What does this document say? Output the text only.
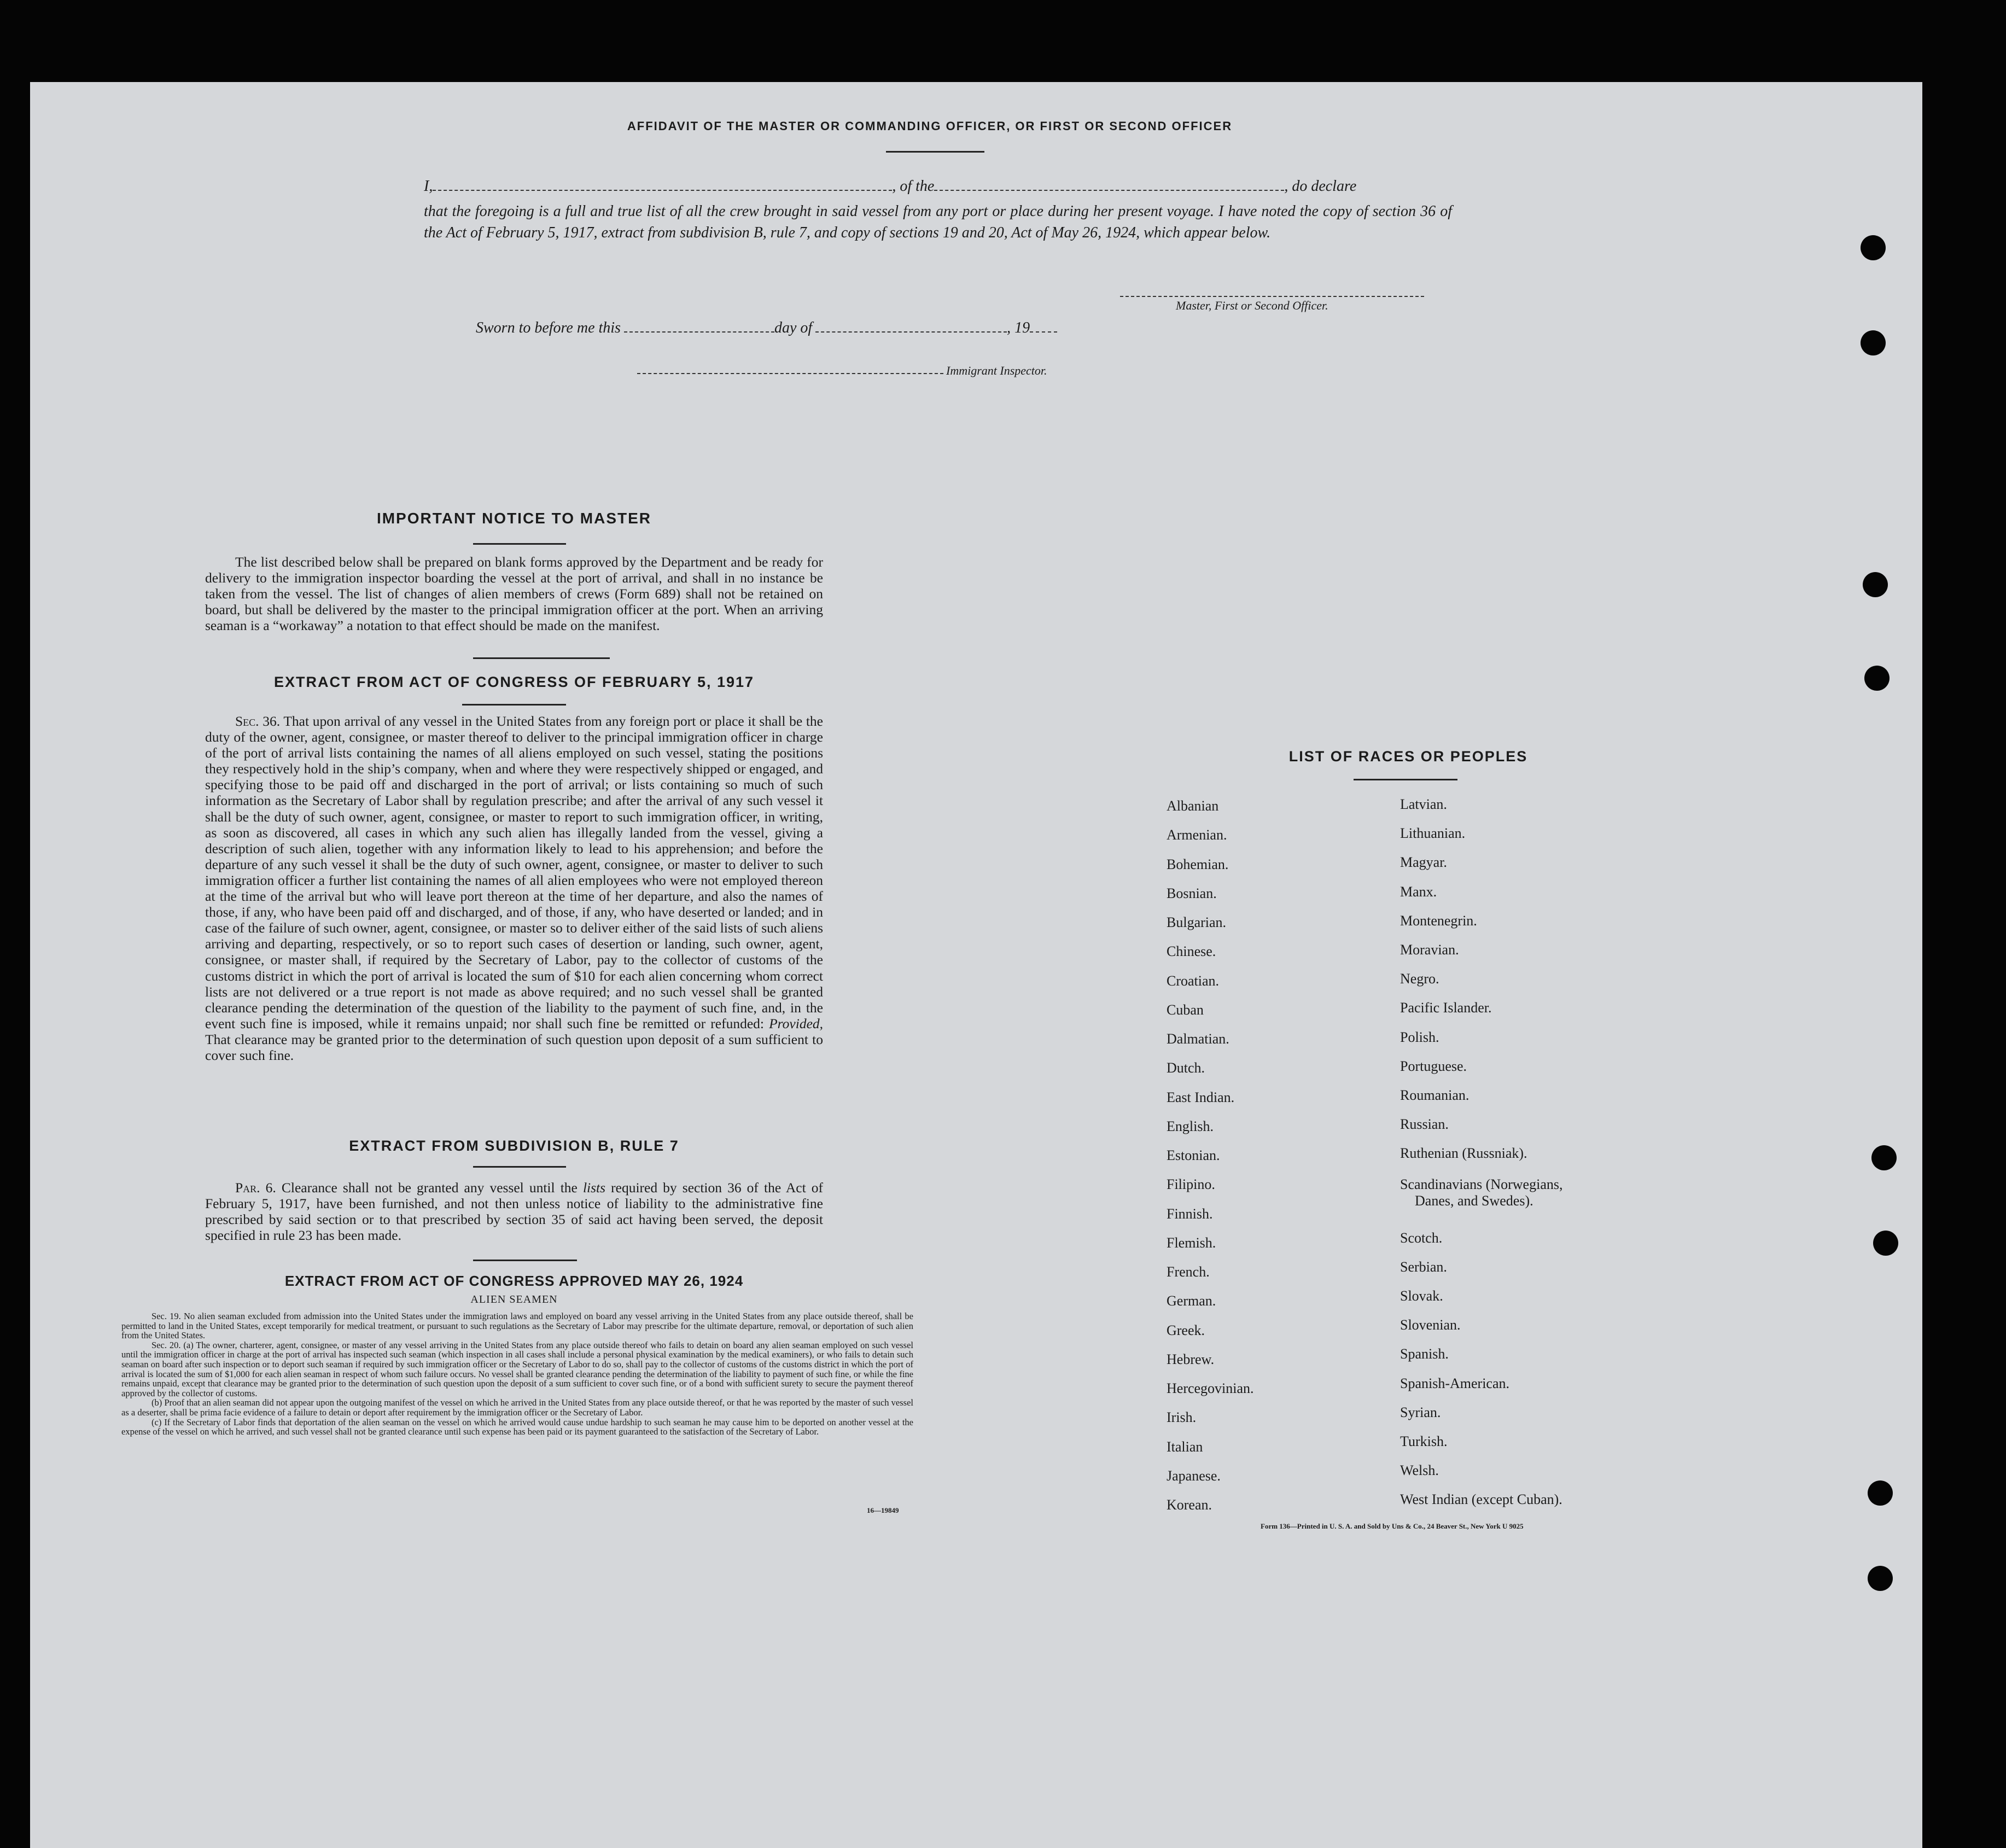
AFFIDAVIT OF THE MASTER OR COMMANDING OFFICER, OR FIRST OR SECOND OFFICER
I,	, of the	, do declare
that the foregoing is a full and true list of all the crew brought in said vessel from any port or place during her present voyage. I have noted the copy of section 36 of the Act of February 5, 1917, extract from subdivision B, rule 7, and copy of sections 19 and 20, Act of May 26, 1924, which appear below.
Master, First or Second Officer.
Sworn to before me this	day of	, 19
Immigrant Inspector.
IMPORTANT NOTICE TO MASTER
The list described below shall be prepared on blank forms approved by the Department and be ready for delivery to the immigration inspector boarding the vessel at the port of arrival, and shall in no instance be taken from the vessel. The list of changes of alien members of crews (Form 689) shall not be retained on board, but shall be delivered by the master to the principal immigration officer at the port. When an arriving seaman is a “workaway” a notation to that effect should be made on the manifest.
EXTRACT FROM ACT OF CONGRESS OF FEBRUARY 5, 1917
Sec. 36. That upon arrival of any vessel in the United States from any foreign port or place it shall be the duty of the owner, agent, consignee, or master thereof to deliver to the principal immigration officer in charge of the port of arrival lists containing the names of all aliens employed on such vessel, stating the positions they respectively hold in the ship’s company, when and where they were respectively shipped or engaged, and specifying those to be paid off and discharged in the port of arrival; or lists containing so much of such information as the Secretary of Labor shall by regulation prescribe; and after the arrival of any such vessel it shall be the duty of such owner, agent, consignee, or master to report to such immigration officer, in writing, as soon as discovered, all cases in which any such alien has illegally landed from the vessel, giving a description of such alien, together with any information likely to lead to his apprehension; and before the departure of any such vessel it shall be the duty of such owner, agent, consignee, or master to deliver to such immigration officer a further list containing the names of all alien employees who were not employed thereon at the time of the arrival but who will leave port thereon at the time of her departure, and also the names of those, if any, who have been paid off and discharged, and of those, if any, who have deserted or landed; and in case of the failure of such owner, agent, consignee, or master so to deliver either of the said lists of such aliens arriving and departing, respectively, or so to report such cases of desertion or landing, such owner, agent, consignee, or master shall, if required by the Secretary of Labor, pay to the collector of customs of the customs district in which the port of arrival is located the sum of $10 for each alien concerning whom correct lists are not delivered or a true report is not made as above required; and no such vessel shall be granted clearance pending the determination of the question of the liability to the payment of such fine, and, in the event such fine is imposed, while it remains unpaid; nor shall such fine be remitted or refunded: Provided, That clearance may be granted prior to the determination of such question upon deposit of a sum sufficient to cover such fine.
EXTRACT FROM SUBDIVISION B, RULE 7
Par. 6. Clearance shall not be granted any vessel until the lists required by section 36 of the Act of February 5, 1917, have been furnished, and not then unless notice of liability to the administrative fine prescribed by said section or to that prescribed by section 35 of said act having been served, the deposit specified in rule 23 has been made.
EXTRACT FROM ACT OF CONGRESS APPROVED MAY 26, 1924
ALIEN SEAMEN
Sec. 19. No alien seaman excluded from admission into the United States under the immigration laws and employed on board any vessel arriving in the United States from any place outside thereof, shall be permitted to land in the United States, except temporarily for medical treatment, or pursuant to such regulations as the Secretary of Labor may prescribe for the ultimate departure, removal, or deportation of such alien from the United States.
Sec. 20. (a) The owner, charterer, agent, consignee, or master of any vessel arriving in the United States from any place outside thereof who fails to detain on board any alien seaman employed on such vessel until the immigration officer in charge at the port of arrival has inspected such seaman (which inspection in all cases shall include a personal physical examination by the medical examiners), or who fails to detain such seaman on board after such inspection or to deport such seaman if required by such immigration officer or the Secretary of Labor to do so, shall pay to the collector of customs of the customs district in which the port of arrival is located the sum of $1,000 for each alien seaman in respect of whom such failure occurs. No vessel shall be granted clearance pending the determination of the liability to payment of such fine, or while the fine remains unpaid, except that clearance may be granted prior to the determination of such question upon the deposit of a sum sufficient to cover such fine, or of a bond with sufficient surety to secure the payment thereof approved by the collector of customs.
(b) Proof that an alien seaman did not appear upon the outgoing manifest of the vessel on which he arrived in the United States from any place outside thereof, or that he was reported by the master of such vessel as a deserter, shall be prima facie evidence of a failure to detain or deport after requirement by the immigration officer or the Secretary of Labor.
(c) If the Secretary of Labor finds that deportation of the alien seaman on the vessel on which he arrived would cause undue hardship to such seaman he may cause him to be deported on another vessel at the expense of the vessel on which he arrived, and such vessel shall not be granted clearance until such expense has been paid or its payment guaranteed to the satisfaction of the Secretary of Labor.
16—19849
LIST OF RACES OR PEOPLES
Albanian
Armenian.
Bohemian.
Bosnian.
Bulgarian.
Chinese.
Croatian.
Cuban
Dalmatian.
Dutch.
East Indian.
English.
Estonian.
Filipino.
Finnish.
Flemish.
French.
German.
Greek.
Hebrew.
Hercegovinian.
Irish.
Italian
Japanese.
Korean.
Latvian.
Lithuanian.
Magyar.
Manx.
Montenegrin.
Moravian.
Negro.
Pacific Islander.
Polish.
Portuguese.
Roumanian.
Russian.
Ruthenian (Russniak).
Scandinavians (Norwegians,
Danes, and Swedes).
Scotch.
Serbian.
Slovak.
Slovenian.
Spanish.
Spanish-American.
Syrian.
Turkish.
Welsh.
West Indian (except Cuban).
Form 136—Printed in U. S. A. and Sold by Uns & Co., 24 Beaver St., New York U 9025
